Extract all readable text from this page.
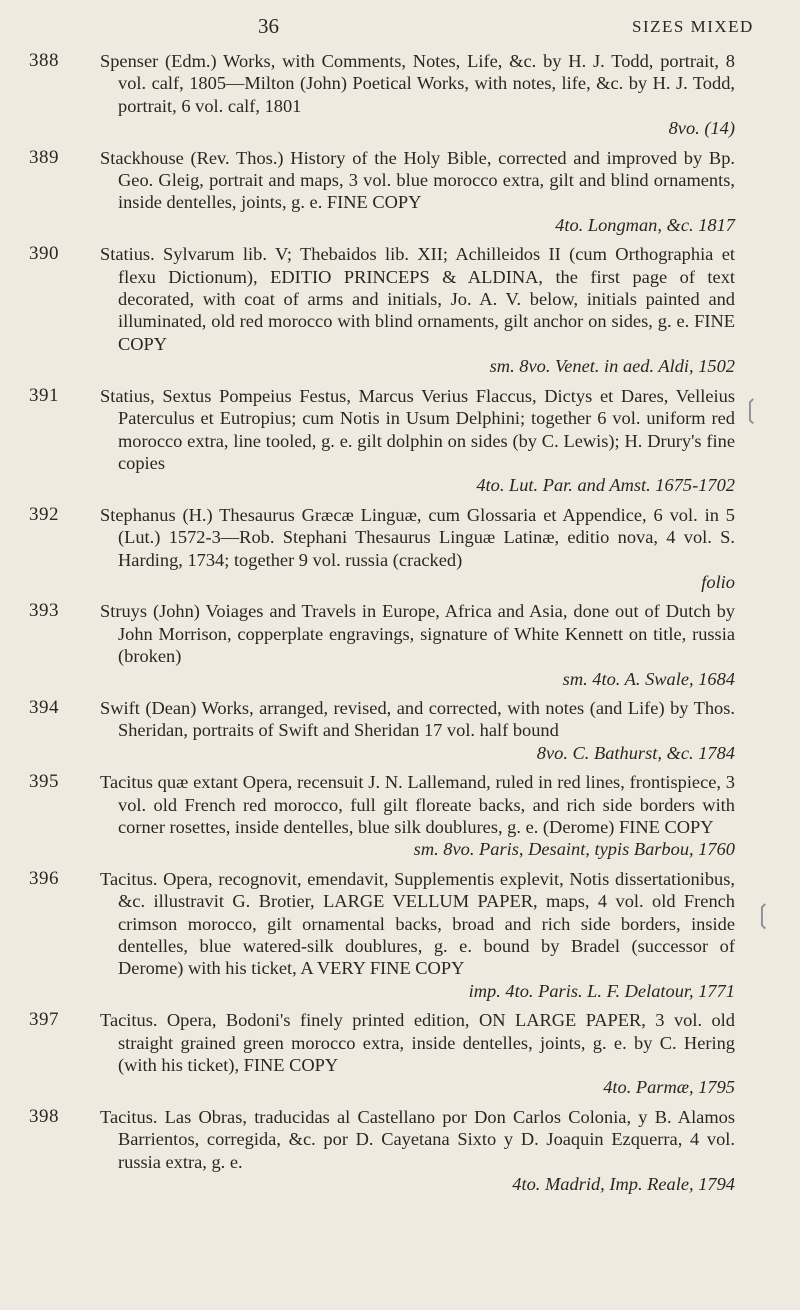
36	SIZES MIXED
388 Spenser (Edm.) Works, with Comments, Notes, Life, &c. by H. J. Todd, portrait, 8 vol. calf, 1805—Milton (John) Poetical Works, with notes, life, &c. by H. J. Todd, portrait, 6 vol. calf, 1801
8vo. (14)
389 Stackhouse (Rev. Thos.) History of the Holy Bible, corrected and improved by Bp. Geo. Gleig, portrait and maps, 3 vol. blue morocco extra, gilt and blind ornaments, inside dentelles, joints, g. e. FINE COPY
4to. Longman, &c. 1817
390 Statius. Sylvarum lib. V; Thebaidos lib. XII; Achilleidos II (cum Orthographia et flexu Dictionum), EDITIO PRINCEPS & ALDINA, the first page of text decorated, with coat of arms and initials, Jo. A. V. below, initials painted and illuminated, old red morocco with blind ornaments, gilt anchor on sides, g. e. FINE COPY
sm. 8vo. Venet. in aed. Aldi, 1502
391 Statius, Sextus Pompeius Festus, Marcus Verius Flaccus, Dictys et Dares, Velleius Paterculus et Eutropius; cum Notis in Usum Delphini; together 6 vol. uniform red morocco extra, line tooled, g. e. gilt dolphin on sides (by C. Lewis); H. Drury's fine copies
4to. Lut. Par. and Amst. 1675-1702
392 Stephanus (H.) Thesaurus Græcæ Linguæ, cum Glossaria et Appendice, 6 vol. in 5 (Lut.) 1572-3—Rob. Stephani Thesaurus Linguæ Latinæ, editio nova, 4 vol. S. Harding, 1734; together 9 vol. russia (cracked)
folio
393 Struys (John) Voiages and Travels in Europe, Africa and Asia, done out of Dutch by John Morrison, copperplate engravings, signature of White Kennett on title, russia (broken)
sm. 4to. A. Swale, 1684
394 Swift (Dean) Works, arranged, revised, and corrected, with notes (and Life) by Thos. Sheridan, portraits of Swift and Sheridan 17 vol. half bound
8vo. C. Bathurst, &c. 1784
395 Tacitus quæ extant Opera, recensuit J. N. Lallemand, ruled in red lines, frontispiece, 3 vol. old French red morocco, full gilt floreate backs, and rich side borders with corner rosettes, inside dentelles, blue silk doublures, g. e. (Derome) FINE COPY
sm. 8vo. Paris, Desaint, typis Barbou, 1760
396 Tacitus. Opera, recognovit, emendavit, Supplementis explevit, Notis dissertationibus, &c. illustravit G. Brotier, LARGE VELLUM PAPER, maps, 4 vol. old French crimson morocco, gilt ornamental backs, broad and rich side borders, inside dentelles, blue watered-silk doublures, g. e. bound by Bradel (successor of Derome) with his ticket, A VERY FINE COPY
imp. 4to. Paris. L. F. Delatour, 1771
397 Tacitus. Opera, Bodoni's finely printed edition, ON LARGE PAPER, 3 vol. old straight grained green morocco extra, inside dentelles, joints, g. e. by C. Hering (with his ticket), FINE COPY
4to. Parmæ, 1795
398 Tacitus. Las Obras, traducidas al Castellano por Don Carlos Colonia, y B. Alamos Barrientos, corregida, &c. por D. Cayetana Sixto y D. Joaquin Ezquerra, 4 vol. russia extra, g. e.
4to. Madrid, Imp. Reale, 1794
❲
❲
